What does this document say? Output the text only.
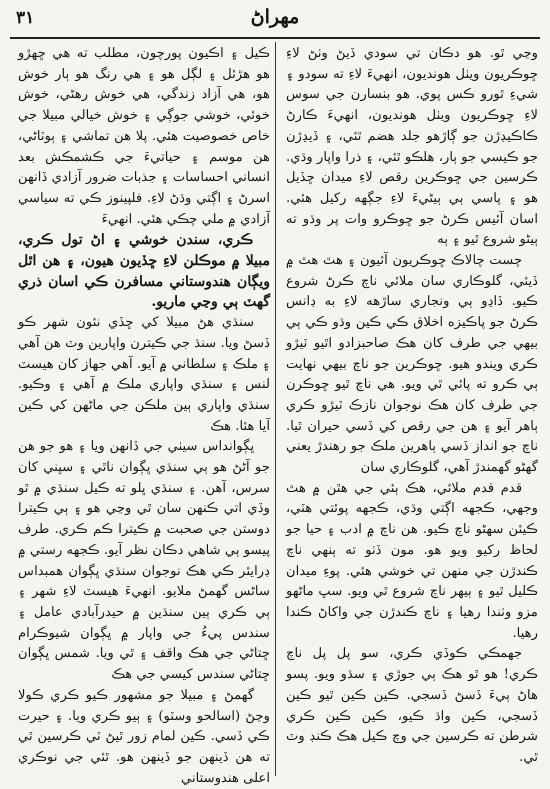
٣١	مهراڻ

وڃي ٿو. هو دڪان تي سودي ڏيڻ وٺڻ لاءِ ڇوڪريون ويٺل هونديون، انهيءَ لاءِ ته سودو ۽ شيءِ ٿورو ڪس پوي. هو بنسارن جي سوس لاءِ ڇوڪريون ويٺل هونديون، انهيءَ ڪارڻ ڪاڪيڊڙن جو ڳاڙهو جلد هضم ٿئي، ۽ ڏيڍڙن جو ڪيسي جو ٻار، هلڪو ٿئي، ۽ ذرا واپار وڌي. ڪرسين جي ڇوڪرين رقص لاءِ ميدان ڇڏيل هو ۽ پاسي ٻي ٻيڻيءَ لاءِ جڳهه رکيل هئي. اسان آئيس ڪرڻ جو ڇوڪرو وات پر وڌو ته ٻيڻو شروع ٿيو ۽ ٻه

چست چالاڪ ڇوڪريون آئيون ۽ هٿ هٿ ۾ ڏيئي، گلوڪاري سان ملائي ناچ ڪرڻ شروع ڪيو. ڏاڍو ٻي ونجاري ساڙهه لاءِ به ڊانس ڪرڻ جو پاڪيزه اخلاق ڪي ڪين وڌو ڪي ٻي بيهي جي طرف کان هڪ صاحبزادو اٿيو ٽيڙو ڪري ويندو هيو. ڇوڪرين جو ناچ بيهي نهايت ٻي ڪرو ته پائي ٿي ويو. هي ناچ ٿيو ڇوڪرن جي طرف کان هڪ نوجوان نازڪ ٽيڙو ڪري ٻاهر آيو ۽ هن جي رقص کي ڏسي حيران ٿيا. ناچ جو انداز ڏسي ٻاهرين ملڪ جو رهندڙ يعني گهڻو گهمندڙ آهي، گلوڪاري سان

قدم قدم ملائي، هڪ ٻئي جي هٿن ۾ هٿ وجهي، ڪجهه اڳتي وڌي، ڪجهه پوئتي هٽي، ڪيئن سهڻو ناچ ڪيو. هن ناچ ۾ ادب ۽ حيا جو لحاظ رکيو ويو هو. مون ڏٺو ته ٻنهي ناچ ڪندڙن جي منهن تي خوشي هئي. پوءِ ميدان ڪليل ٿيو ۽ ٻيهر ناچ شروع ٿي ويو. سڀ ماڻهو مزو وٺندا رهيا ۽ ناچ ڪندڙن جي واکاڻ ڪندا رهيا.

جهمڪي ڪوڏي ڪري، سو پل پل ناچ ڪري! هو ٿو هڪ ٻي جوڙي ۽ سڌو ويو. پسو هاڻ ٻيءَ ڏسڻ ڏسجي. ڪين ڪين ٿيو ڪين ڏسجي، ڪين واڌ ڪيو، ڪين ڪين ڪري شرطن ته ڪرسين جي وچ ڪيل هڪ ڪنڊ وٽ ٿي.

ڪيل ۽ اڪيون پورچون، مطلب ته هي ڇهڙو هو هڙئل ۽ لڳل هو ۽ هي رنگ هو ٻار خوش هو، هي آزاد زندگي، هي خوش رهڻي، خوش خوئي، خوشي جوڳي ۽ خوش خيالي مبيلا جي خاص خصوصيت هئي. پلا هن تماشي ۽ ٻوٽاڻي، هن موسم ۽ حياتيءَ جي ڪشمڪش بعد انساني احساسات ۽ جذبات ضرور آزادي ڏانهن اسرڻ ۽ اڳتي وڌڻ لاءِ. فلپينوز ڪي ته سياسي آزادي ۾ ملي چڪي هئي. انهيءَ

ڪري، سندن خوشي ۽ اڻ تول ڪري، مبيلا ۾ موڪلن لاءِ ڇڏيون هيون، ۽ هن اٿل ويڳان هندوستاني مسافرن ڪي اسان ذري گهٽ ٻي وڃي ماريو.

سنڌي هڻ مبيلا کي ڇڏي نئون شهر ڪو ڏسڻ ويا. سنڌ جي ڪيترن واپارين وٽ هن آهي ۽ ملڪ ۽ سلطاني ۾ آيو. آهي جهاز کان هيسٽ لنس ۽ سنڌي واپاري ملڪ ۾ آهي ۽ وڪيو. سنڌي واپاري ٻين ملڪن جي ماڻهن کي ڪين آيا هئا. هڪ

ڀڳوانداس سيٺي جي ڏانهن ويا ۽ هو جو هن جو آڻڻ هو ٻي سنڌي ڀڳوان ناٿي ۽ سڀني کان سرس، آهن. ۽ سنڌي ڀلو ته ڪيل سنڌي ۾ ٿو وڏي اتي ڪنهن سان ٿي وڃي هو ۽ ٻي ڪيترا دوستن جي صحبت ۾ ڪيترا ڪم ڪري. طرف پيسو ٻي شاهي دڪان نظر آيو. ڪجهه رستي ۾ ڊرايئر ڪي هڪ نوجوان سنڌي ڀڳوان همبداس ساڻس گهمڻ ملايو. انهيءَ هيسٽ لاءِ شهر ۽ ٻي ڪري ٻين سنڌين ۾ حيدرآبادي عامل ۽ سندس پيءُ جي واپار ۾ ڀڳوان شيوڪرام ڇتاڻي جي هڪ واقف ۽ ٿي ويا. شمس ڀڳوان ڇتاڻي سندس کيسي جي هڪ

گهمڻ ۽ مبيلا جو مشهور ڪيو ڪري ڪولا وڃڻ (اسالحو وسٽو) ۽ ٻيو ڪري ويا. ۽ حيرت ڪي ڏسي. ڪين لمام زور ٿيڻ ٽي ڪرسين ٿي ته هن ڏينهن جو ڏينهن هو. ٿئي جي نوڪري اعلى هندوستاني
